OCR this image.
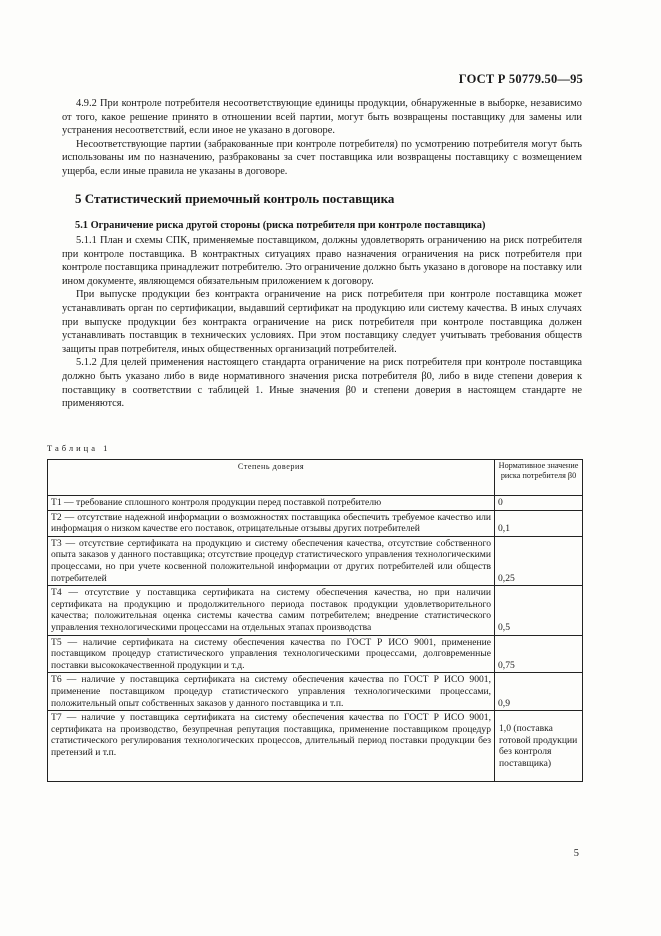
ГОСТ Р 50779.50—95

4.9.2 При контроле потребителя несоответствующие единицы продукции, обнаруженные в выборке, независимо от того, какое решение принято в отношении всей партии, могут быть возвращены поставщику для замены или устранения несоответствий, если иное не указано в договоре.

Несоответствующие партии (забракованные при контроле потребителя) по усмотрению потребителя могут быть использованы им по назначению, разбракованы за счет поставщика или возвращены поставщику с возмещением ущерба, если иные правила не указаны в договоре.

5 Статистический приемочный контроль поставщика
5.1 Ограничение риска другой стороны (риска потребителя при контроле поставщика)

5.1.1 План и схемы СПК, применяемые поставщиком, должны удовлетворять ограничению на риск потребителя при контроле поставщика. В контрактных ситуациях право назначения ограничения на риск потребителя при контроле поставщика принадлежит потребителю. Это ограничение должно быть указано в договоре на поставку или ином документе, являющемся обязательным приложением к договору.

При выпуске продукции без контракта ограничение на риск потребителя при контроле поставщика может устанавливать орган по сертификации, выдавший сертификат на продукцию или систему качества. В иных случаях при выпуске продукции без контракта ограничение на риск потребителя при контроле поставщика должен устанавливать поставщик в технических условиях. При этом поставщику следует учитывать требования обществ защиты прав потребителя, иных общественных организаций потребителей.

5.1.2 Для целей применения настоящего стандарта ограничение на риск потребителя при контроле поставщика должно быть указано либо в виде нормативного значения риска потребителя β0, либо в виде степени доверия к поставщику в соответствии с таблицей 1. Иные значения β0 и степени доверия в настоящем стандарте не применяются.

Таблица 1
Степень доверия	Нормативное значение риска потребителя β0
Т1 — требование сплошного контроля продукции перед поставкой потребителю	0
Т2 — отсутствие надежной информации о возможностях поставщика обеспечить требуемое качество или информация о низком качестве его поставок, отрицательные отзывы других потребителей	0,1
Т3 — отсутствие сертификата на продукцию и систему обеспечения качества, отсутствие собственного опыта заказов у данного поставщика; отсутствие процедур статистического управления технологическими процессами, но при учете косвенной положительной информации от других потребителей или обществ потребителей	0,25
Т4 — отсутствие у поставщика сертификата на систему обеспечения качества, но при наличии сертификата на продукцию и продолжительного периода поставок продукции удовлетворительного качества; положительная оценка системы качества самим потребителем; внедрение статистического управления технологическими процессами на отдельных этапах производства	0,5
Т5 — наличие сертификата на систему обеспечения качества по ГОСТ Р ИСО 9001, применение поставщиком процедур статистического управления технологическими процессами, долговременные поставки высококачественной продукции и т.д.	0,75
Т6 — наличие у поставщика сертификата на систему обеспечения качества по ГОСТ Р ИСО 9001, применение поставщиком процедур статистического управления технологическими процессами, положительный опыт собственных заказов у данного поставщика и т.п.	0,9
Т7 — наличие у поставщика сертификата на систему обеспечения качества по ГОСТ Р ИСО 9001, сертификата на производство, безупречная репутация поставщика, применение поставщиком процедур статистического регулирования технологических процессов, длительный период поставки продукции без претензий и т.п.	1,0 (поставка готовой продукции без контроля поставщика)
5
